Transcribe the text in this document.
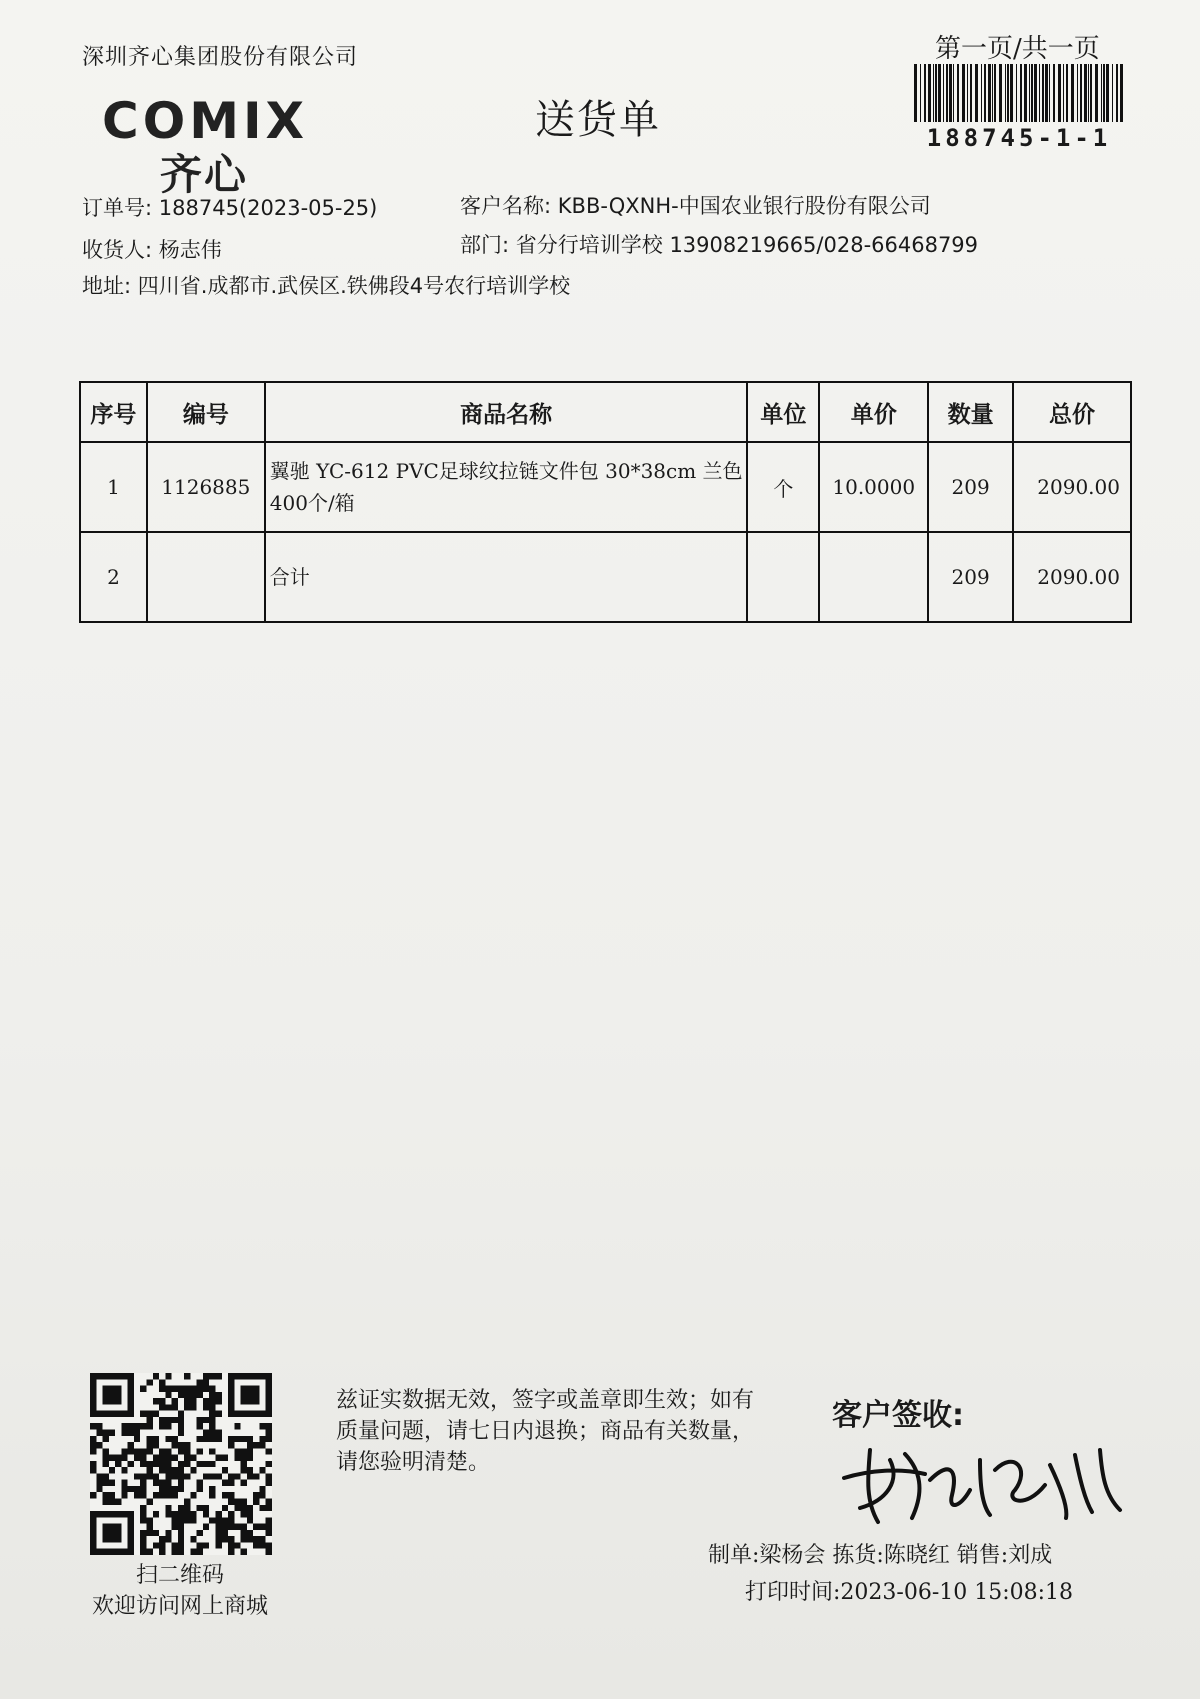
深圳齐心集团股份有限公司	第一页/共一页
188745-1-1
COMIX
齐心
送货单
订单号: 188745(2023-05-25)	客户名称: KBB-QXNH-中国农业银行股份有限公司
收货人: 杨志伟	部门: 省分行培训学校 13908219665/028-66468799
地址: 四川省.成都市.武侯区.铁佛段4号农行培训学校
序号	编号	商品名称	单位	单价	数量	总价
1	1126885	翼驰 YC-612 PVC足球纹拉链文件包 30*38cm 兰色 400个/箱	个	10.0000	209	2090.00
2		合计			209	2090.00
扫二维码
欢迎访问网上商城
兹证实数据无效，签字或盖章即生效；如有质量问题，请七日内退换；商品有关数量，请您验明清楚。
客户签收:
制单:梁杨会 拣货:陈晓红 销售:刘成
打印时间:2023-06-10 15:08:18
